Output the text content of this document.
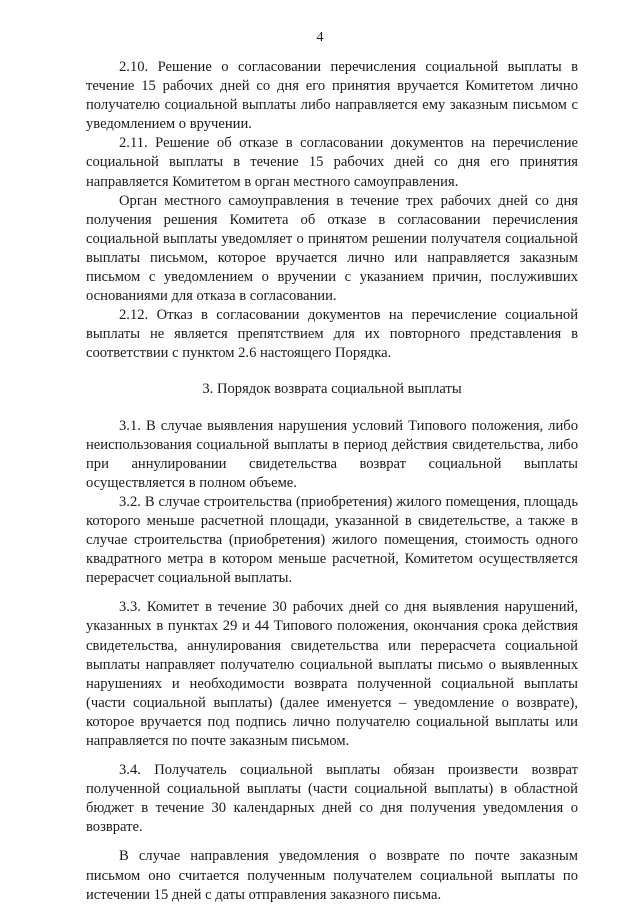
4

2.10. Решение о согласовании перечисления социальной выплаты в течение 15 рабочих дней со дня его принятия вручается Комитетом лично получателю социальной выплаты либо направляется ему заказным письмом с уведомлением о вручении.

2.11. Решение об отказе в согласовании документов на перечисление социальной выплаты в течение 15 рабочих дней со дня его принятия направляется Комитетом в орган местного самоуправления.

Орган местного самоуправления в течение трех рабочих дней со дня получения решения Комитета об отказе в согласовании перечисления социальной выплаты уведомляет о принятом решении получателя социальной выплаты письмом, которое вручается лично или направляется заказным письмом с уведомлением о вручении с указанием причин, послуживших основаниями для отказа в согласовании.

2.12. Отказ в согласовании документов на перечисление социальной выплаты не является препятствием для их повторного представления в соответствии с пунктом 2.6 настоящего Порядка.

3. Порядок возврата социальной выплаты

3.1. В случае выявления нарушения условий Типового положения, либо неиспользования социальной выплаты в период действия свидетельства, либо при аннулировании свидетельства возврат социальной выплаты осуществляется в полном объеме.

3.2. В случае строительства (приобретения) жилого помещения, площадь которого меньше расчетной площади, указанной в свидетельстве, а также в случае строительства (приобретения) жилого помещения, стоимость одного квадратного метра в котором меньше расчетной, Комитетом осуществляется перерасчет социальной выплаты.

3.3. Комитет в течение 30 рабочих дней со дня выявления нарушений, указанных в пунктах 29 и 44 Типового положения, окончания срока действия свидетельства, аннулирования свидетельства или перерасчета социальной выплаты направляет получателю социальной выплаты письмо о выявленных нарушениях и необходимости возврата полученной социальной выплаты (части социальной выплаты) (далее именуется – уведомление о возврате), которое вручается под подпись лично получателю социальной выплаты или направляется по почте заказным письмом.

3.4. Получатель социальной выплаты обязан произвести возврат полученной социальной выплаты (части социальной выплаты) в областной бюджет в течение 30 календарных дней со дня получения уведомления о возврате.

В случае направления уведомления о возврате по почте заказным письмом оно считается полученным получателем социальной выплаты по истечении 15 дней с даты отправления заказного письма.
